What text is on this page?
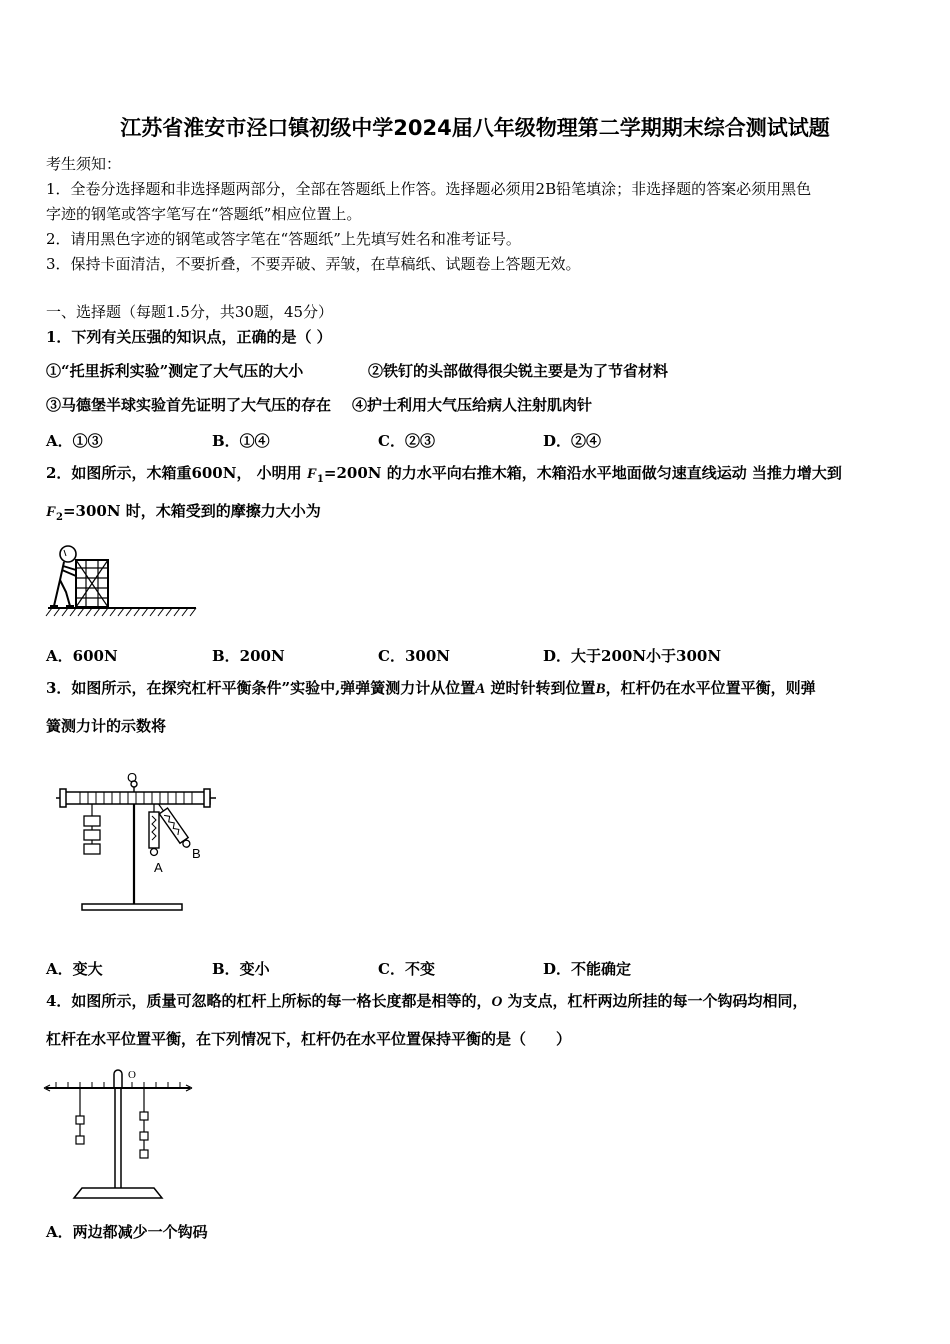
江苏省淮安市泾口镇初级中学2024届八年级物理第二学期期末综合测试试题
考生须知：
1．全卷分选择题和非选择题两部分，全部在答题纸上作答。选择题必须用2B铅笔填涂；非选择题的答案必须用黑色
字迹的钢笔或答字笔写在“答题纸”相应位置上。
2．请用黑色字迹的钢笔或答字笔在“答题纸”上先填写姓名和准考证号。
3．保持卡面清洁，不要折叠，不要弄破、弄皱，在草稿纸、试题卷上答题无效。
一、选择题（每题1.5分，共30题，45分）
1．下列有关压强的知识点，正确的是（ ）
①“托里拆利实验”测定了大气压的大小	②铁钉的头部做得很尖锐主要是为了节省材料
③马德堡半球实验首先证明了大气压的存在 ④护士利用大气压给病人注射肌肉针
A．①③	B．①④	C．②③	D．②④
2．如图所示，木箱重600N， 小明用 $F_1=200N$ 的力水平向右推木箱，木箱沿水平地面做匀速直线运动 当推力增大到
$F_2=300N$ 时，木箱受到的摩擦力大小为
A．600N	B．200N	C．300N	D．大于200N小于300N
3．如图所示，在探究杠杆平衡条件”实验中,弹弹簧测力计从位置A 逆时针转到位置B，杠杆仍在水平位置平衡，则弹
簧测力计的示数将
O
A
B
A．变大	B．变小	C．不变	D．不能确定
4．如图所示，质量可忽略的杠杆上所标的每一格长度都是相等的，O 为支点，杠杆两边所挂的每一个钩码均相同，
杠杆在水平位置平衡，在下列情况下，杠杆仍在水平位置保持平衡的是（　　）
O
A．两边都减少一个钩码
